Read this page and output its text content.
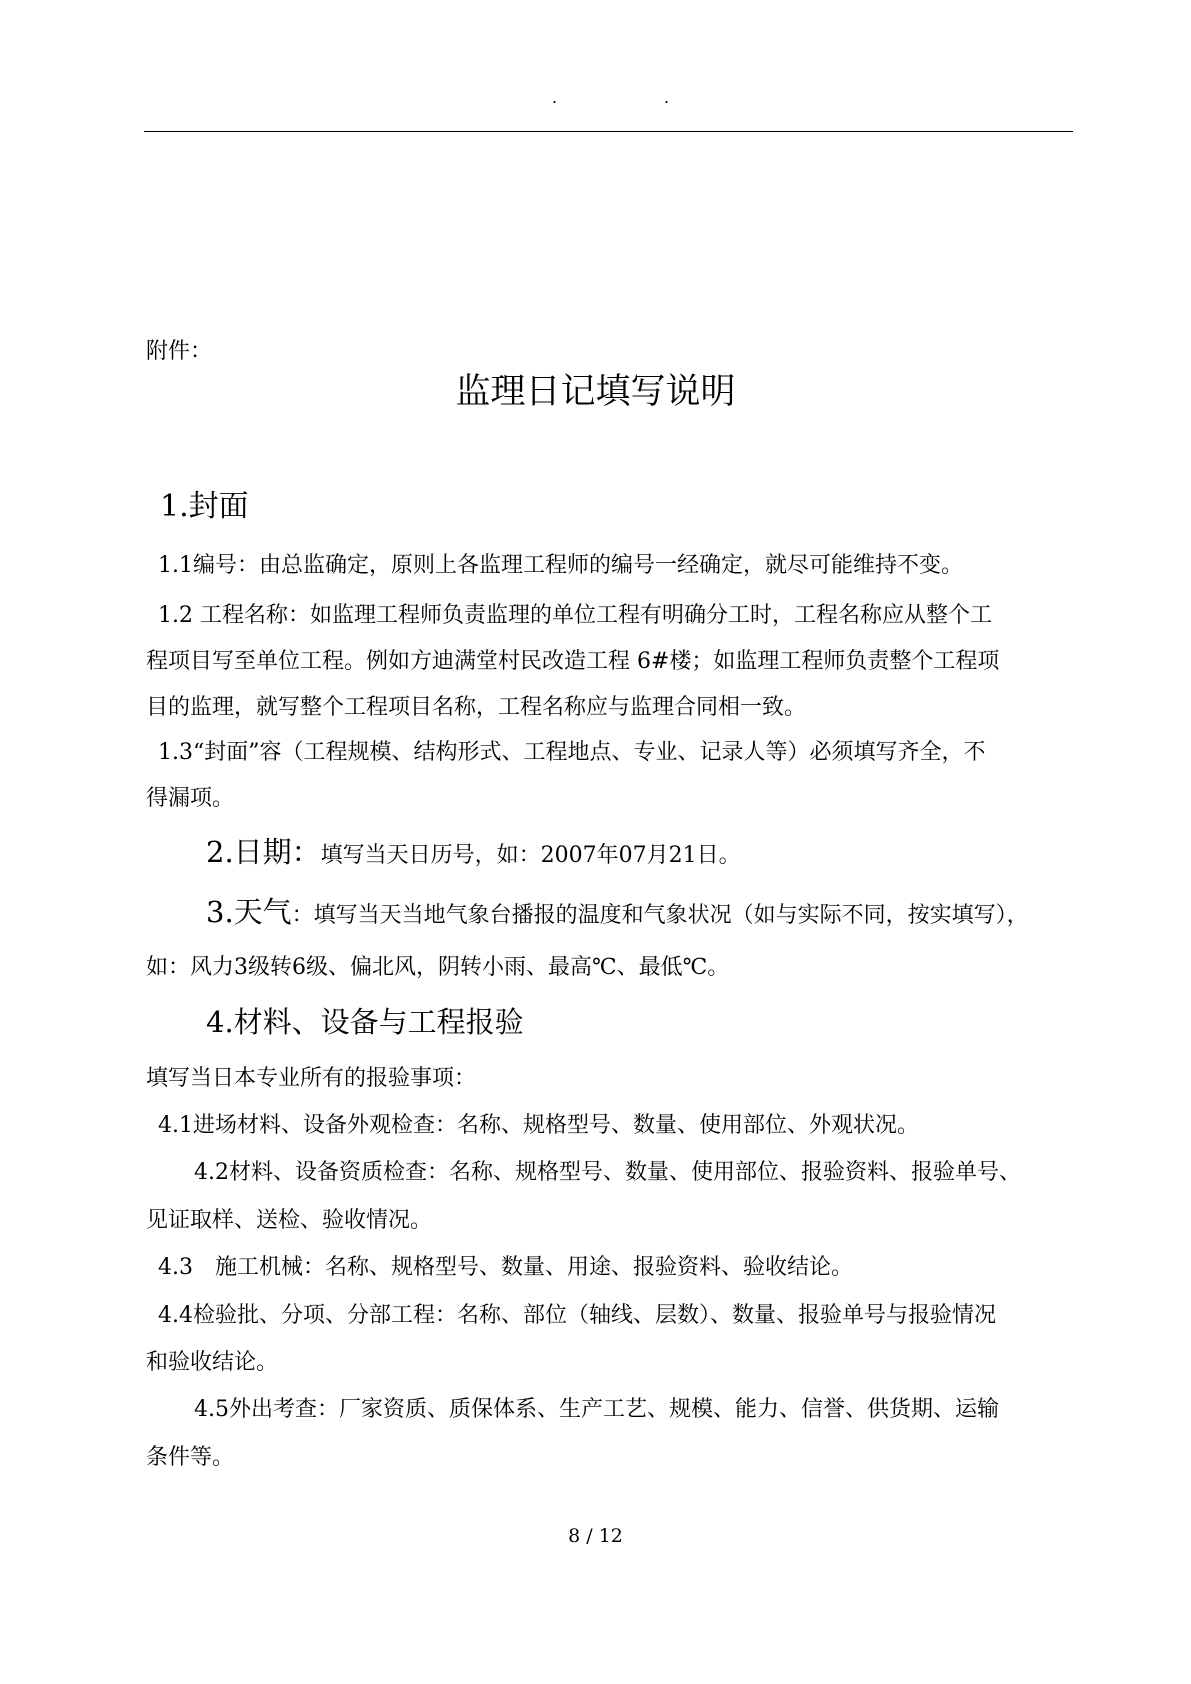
.	.
附件：
监理日记填写说明
1.封面
1.1编号：由总监确定，原则上各监理工程师的编号一经确定，就尽可能维持不变。
1.2 工程名称：如监理工程师负责监理的单位工程有明确分工时，工程名称应从整个工
程项目写至单位工程。例如方迪满堂村民改造工程 6#楼；如监理工程师负责整个工程项
目的监理，就写整个工程项目名称，工程名称应与监理合同相一致。
1.3“封面”容（工程规模、结构形式、工程地点、专业、记录人等）必须填写齐全，不
得漏项。
2.日期：填写当天日历号，如：2007年07月21日。
3.天气：填写当天当地气象台播报的温度和气象状况（如与实际不同，按实填写），
如：风力3级转6级、偏北风，阴转小雨、最高℃、最低℃。
4.材料、设备与工程报验
填写当日本专业所有的报验事项：
4.1进场材料、设备外观检查：名称、规格型号、数量、使用部位、外观状况。
4.2材料、设备资质检查：名称、规格型号、数量、使用部位、报验资料、报验单号、
见证取样、送检、验收情况。
4.3　施工机械：名称、规格型号、数量、用途、报验资料、验收结论。
4.4检验批、分项、分部工程：名称、部位（轴线、层数）、数量、报验单号与报验情况
和验收结论。
4.5外出考查：厂家资质、质保体系、生产工艺、规模、能力、信誉、供货期、运输
条件等。
8 / 12
